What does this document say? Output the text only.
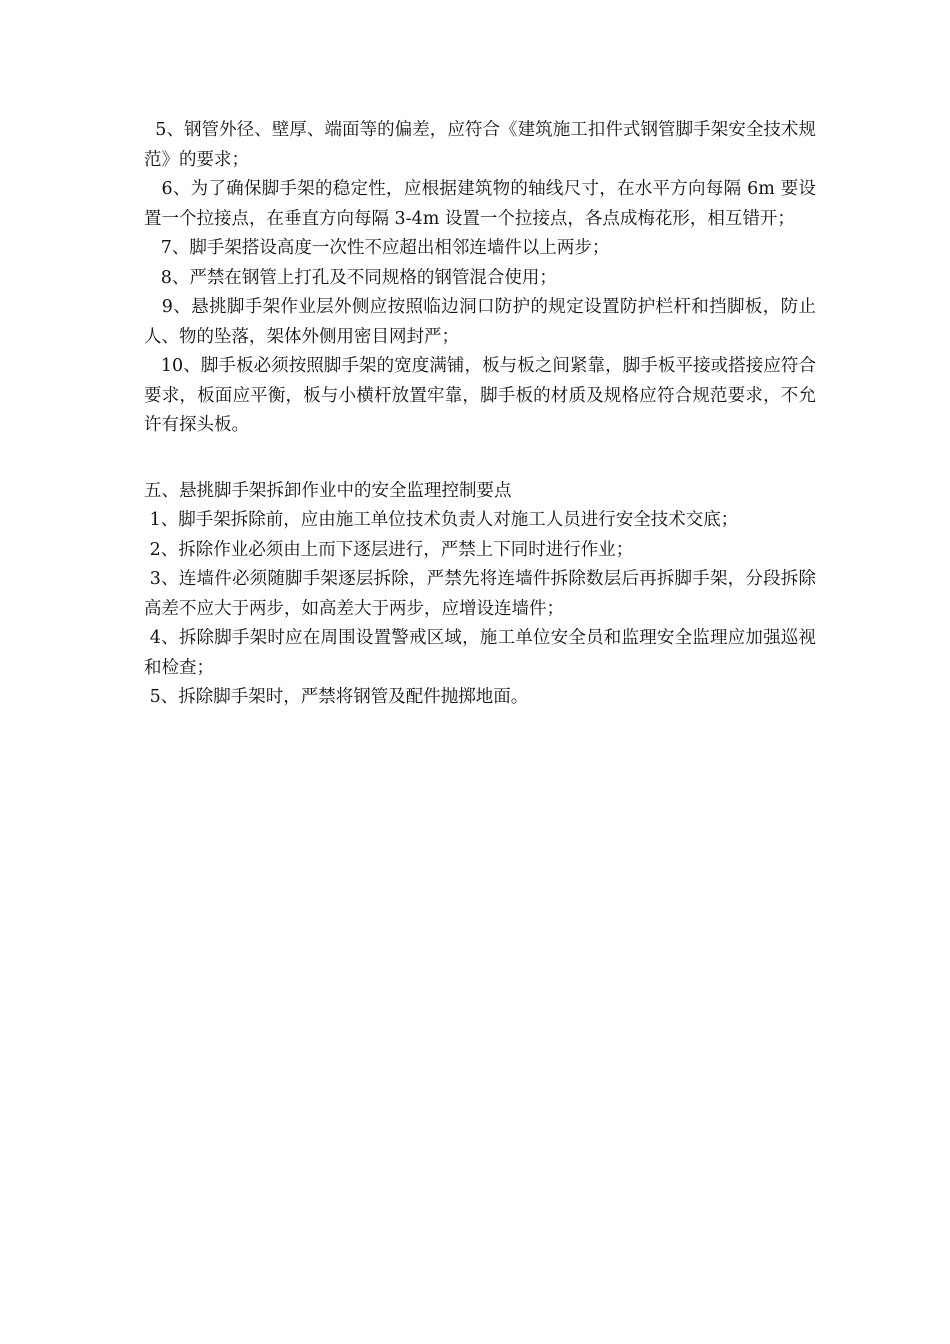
5、钢管外径、壁厚、端面等的偏差，应符合《建筑施工扣件式钢管脚手架安全技术规范》的要求；

6、为了确保脚手架的稳定性，应根据建筑物的轴线尺寸，在水平方向每隔 6m 要设置一个拉接点，在垂直方向每隔 3-4m 设置一个拉接点，各点成梅花形，相互错开；

7、脚手架搭设高度一次性不应超出相邻连墙件以上两步；

8、严禁在钢管上打孔及不同规格的钢管混合使用；

9、悬挑脚手架作业层外侧应按照临边洞口防护的规定设置防护栏杆和挡脚板，防止人、物的坠落，架体外侧用密目网封严；

10、脚手板必须按照脚手架的宽度满铺，板与板之间紧靠，脚手板平接或搭接应符合要求，板面应平衡，板与小横杆放置牢靠，脚手板的材质及规格应符合规范要求，不允许有探头板。

五、悬挑脚手架拆卸作业中的安全监理控制要点

1、脚手架拆除前，应由施工单位技术负责人对施工人员进行安全技术交底；

2、拆除作业必须由上而下逐层进行，严禁上下同时进行作业；

3、连墙件必须随脚手架逐层拆除，严禁先将连墙件拆除数层后再拆脚手架，分段拆除高差不应大于两步，如高差大于两步，应增设连墙件；

4、拆除脚手架时应在周围设置警戒区域，施工单位安全员和监理安全监理应加强巡视和检查；

5、拆除脚手架时，严禁将钢管及配件抛掷地面。
